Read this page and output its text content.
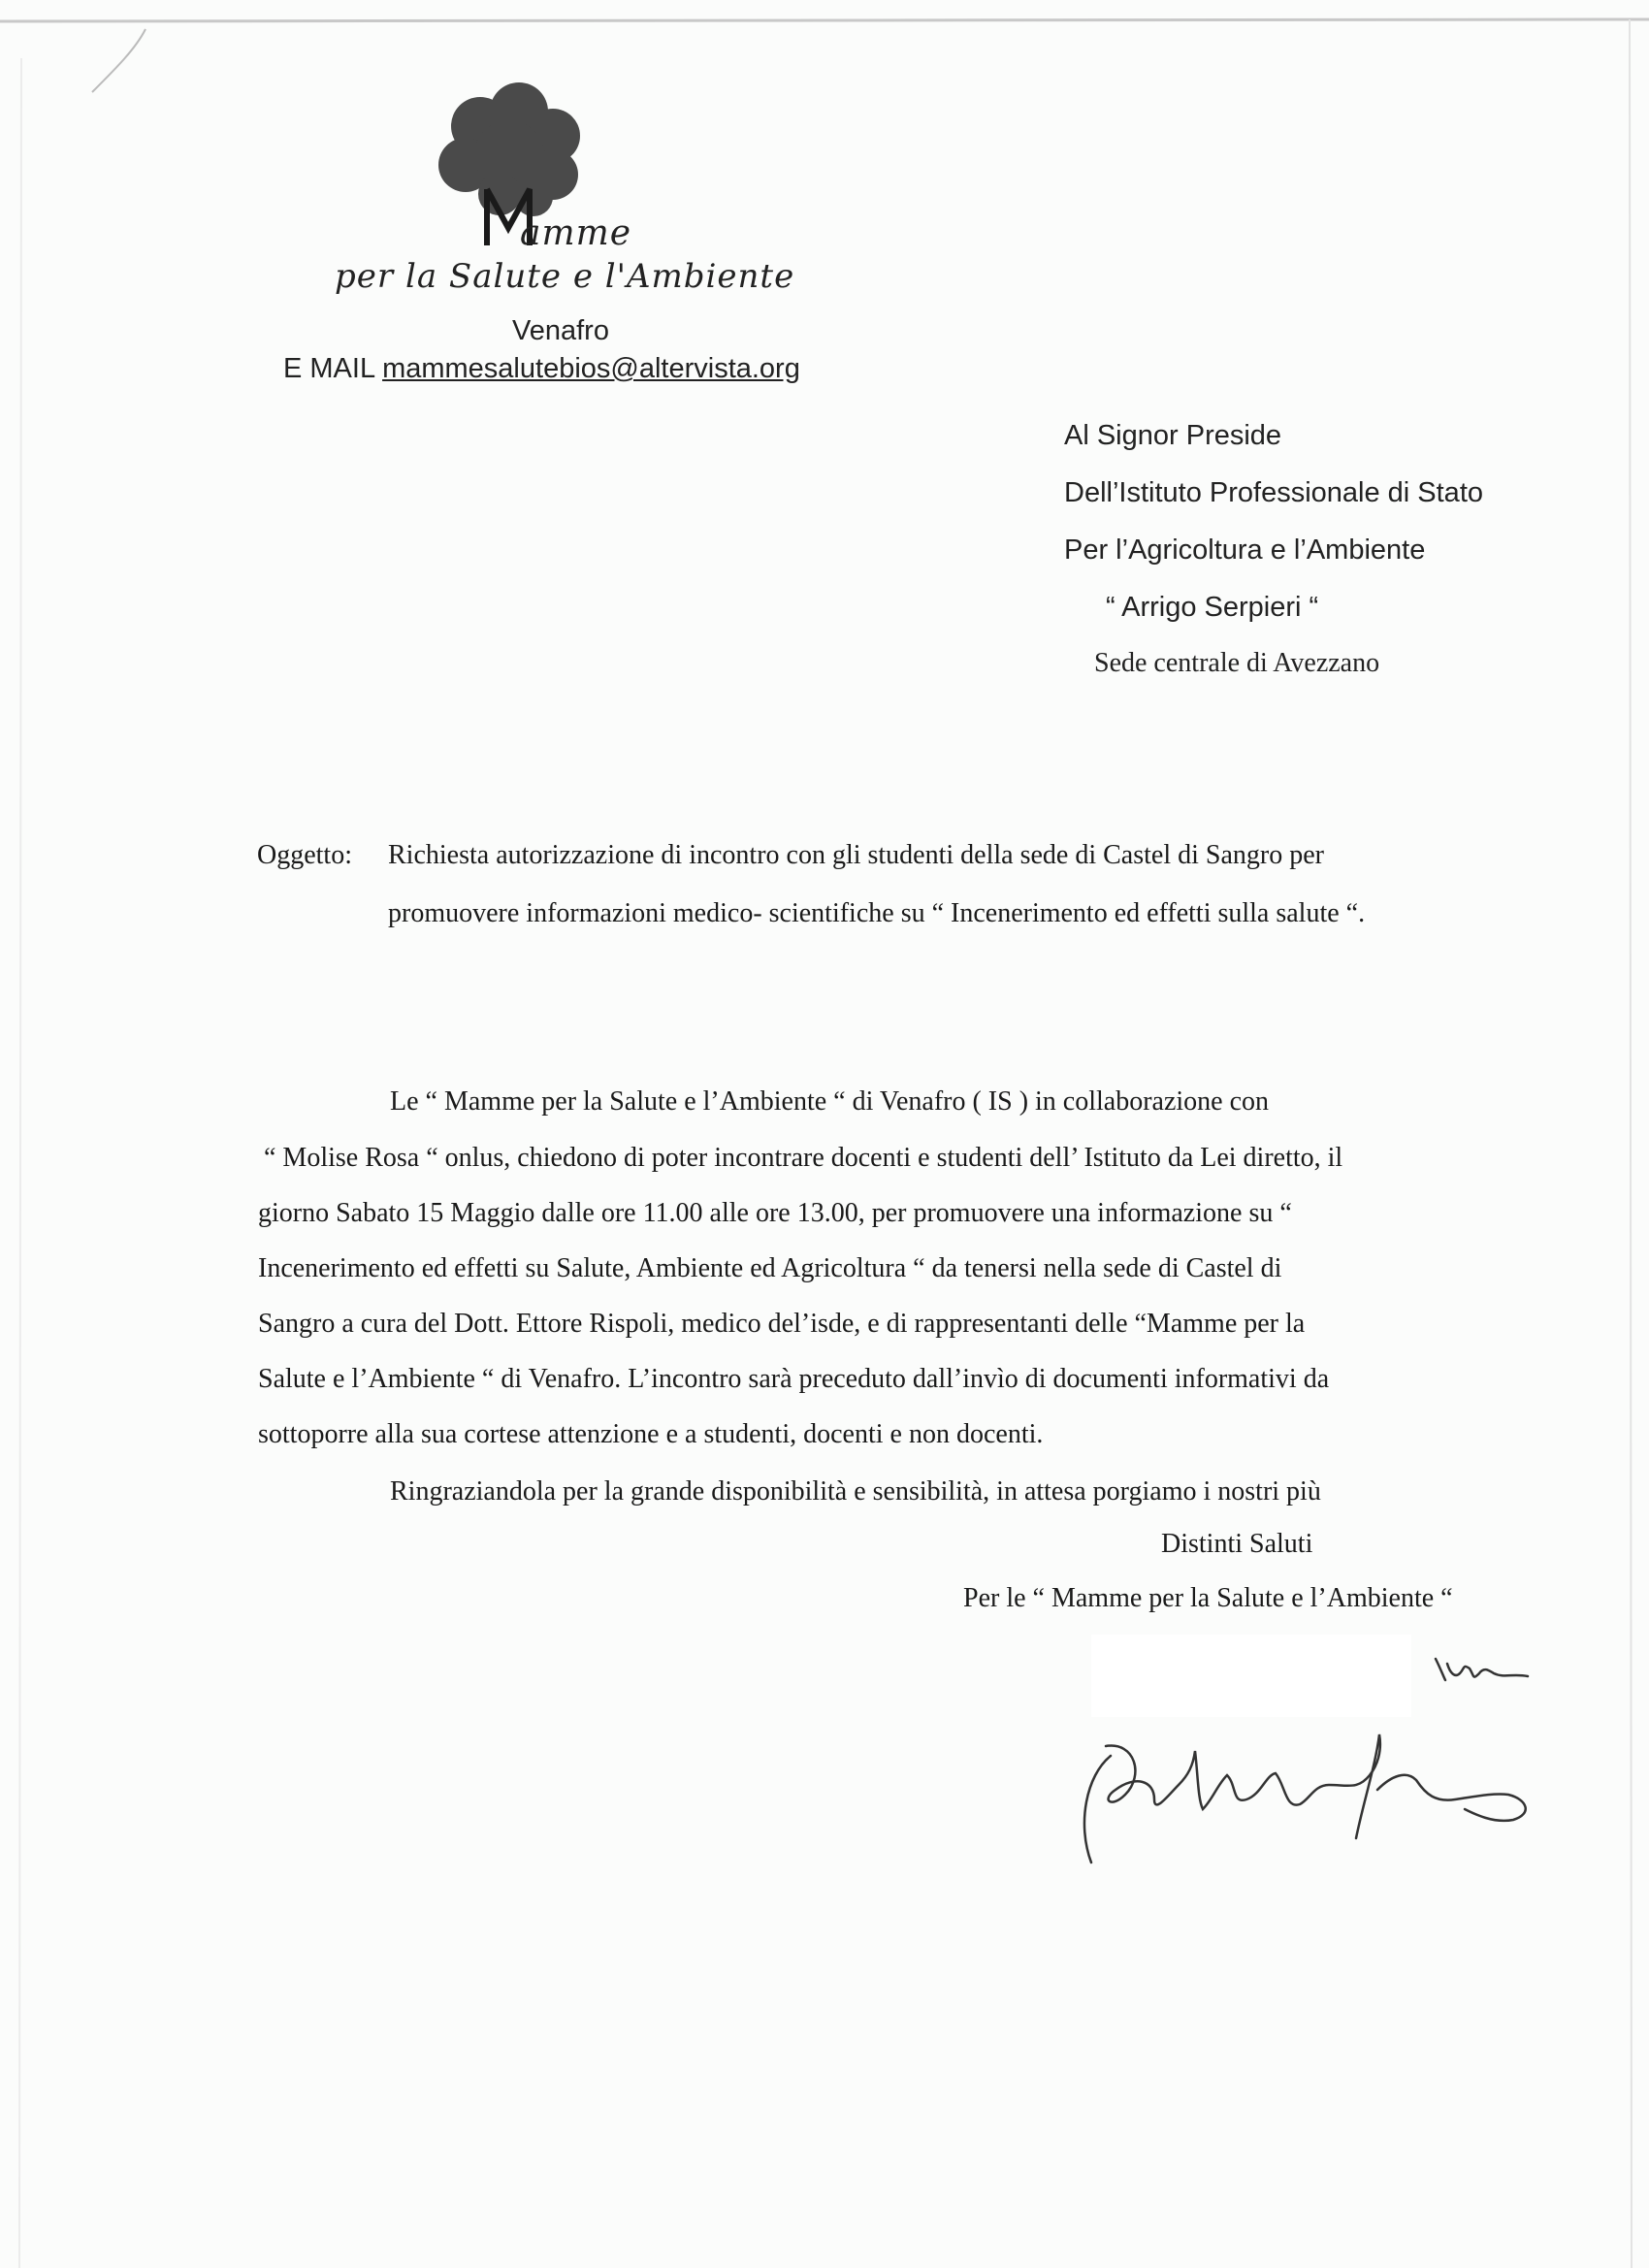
amme
per la Salute e l'Ambiente
Venafro
E MAIL mammesalutebios@altervista.org
Al Signor Preside
Dell’Istituto Professionale di Stato
Per l’Agricoltura e l’Ambiente
“ Arrigo Serpieri “
Sede centrale di Avezzano
Oggetto: Richiesta autorizzazione di incontro con gli studenti della sede di Castel di Sangro per
promuovere informazioni medico- scientifiche su “ Incenerimento ed effetti sulla salute “.
Le “ Mamme per la Salute e l’Ambiente “ di Venafro ( IS ) in collaborazione con
“ Molise Rosa “ onlus, chiedono di poter incontrare docenti e studenti dell’ Istituto da Lei diretto, il
giorno Sabato 15 Maggio dalle ore 11.00 alle ore 13.00, per promuovere una informazione su “
Incenerimento ed effetti su Salute, Ambiente ed Agricoltura “ da tenersi nella sede di Castel di
Sangro a cura del Dott. Ettore Rispoli, medico del’isde, e di rappresentanti delle “Mamme per la
Salute e l’Ambiente “ di Venafro. L’incontro sarà preceduto dall’invìo di documenti informativi da
sottoporre alla sua cortese attenzione e a studenti, docenti e non docenti.
Ringraziandola per la grande disponibilità e sensibilità, in attesa porgiamo i nostri più
Distinti Saluti
Per le “ Mamme per la Salute e l’Ambiente “
